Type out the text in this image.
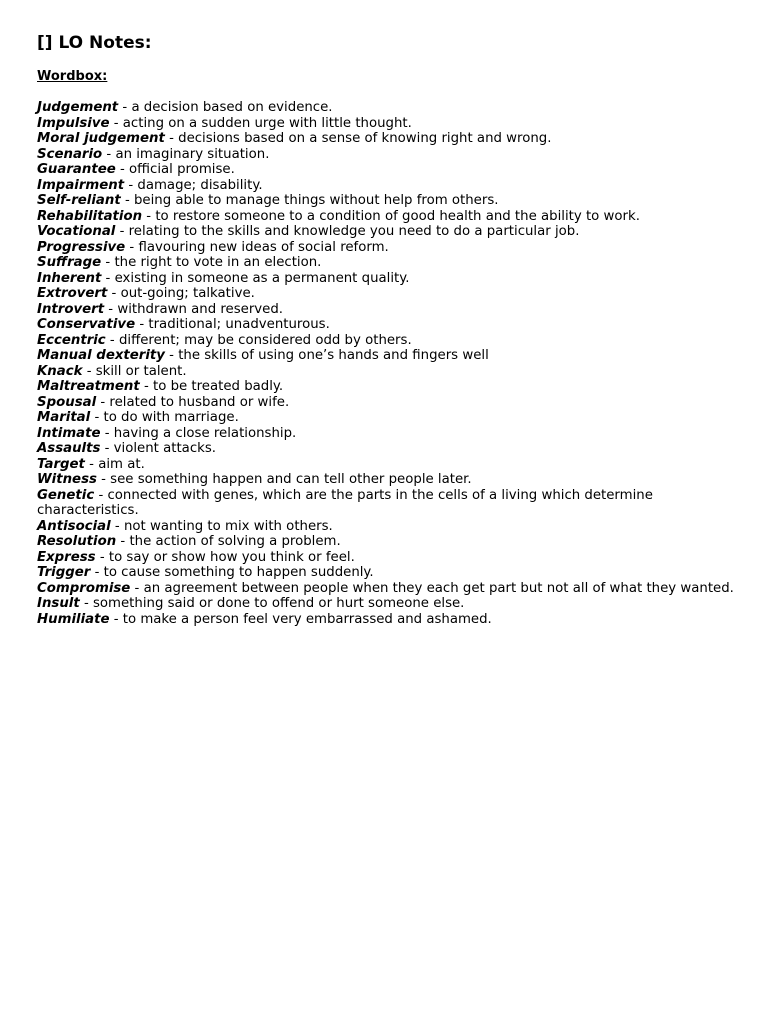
[] LO Notes:
Wordbox:

Judgement - a decision based on evidence.

Impulsive - acting on a sudden urge with little thought.

Moral judgement - decisions based on a sense of knowing right and wrong.

Scenario - an imaginary situation.

Guarantee - official promise.

Impairment - damage; disability.

Self-reliant - being able to manage things without help from others.

Rehabilitation - to restore someone to a condition of good health and the ability to work.

Vocational - relating to the skills and knowledge you need to do a particular job.

Progressive - flavouring new ideas of social reform.

Suffrage - the right to vote in an election.

Inherent - existing in someone as a permanent quality.

Extrovert - out-going; talkative.

Introvert - withdrawn and reserved.

Conservative - traditional; unadventurous.

Eccentric - different; may be considered odd by others.

Manual dexterity - the skills of using one’s hands and fingers well

Knack - skill or talent.

Maltreatment - to be treated badly.

Spousal - related to husband or wife.

Marital - to do with marriage.

Intimate - having a close relationship.

Assaults - violent attacks.

Target - aim at.

Witness - see something happen and can tell other people later.

Genetic - connected with genes, which are the parts in the cells of a living which determine characteristics.

Antisocial - not wanting to mix with others.

Resolution - the action of solving a problem.

Express - to say or show how you think or feel.

Trigger - to cause something to happen suddenly.

Compromise - an agreement between people when they each get part but not all of what they wanted.

Insult - something said or done to offend or hurt someone else.

Humiliate - to make a person feel very embarrassed and ashamed.
